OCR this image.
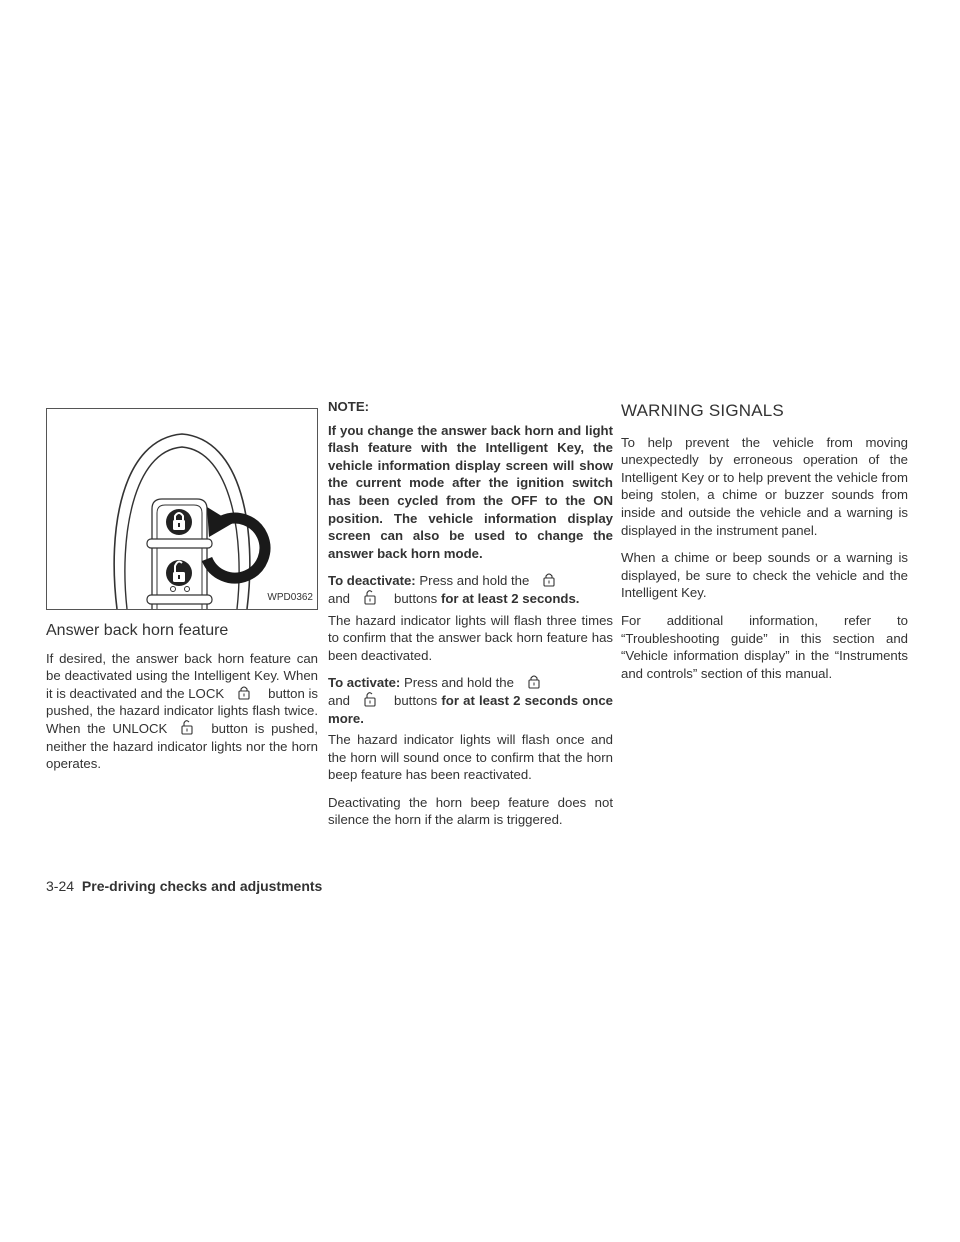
WPD0362
Answer back horn feature

If desired, the answer back horn feature can be deactivated using the Intelligent Key. When it is deactivated and the LOCK	button is pushed, the hazard indicator lights flash twice. When the UNLOCK	button is pushed, neither the hazard indicator lights nor the horn operates.

NOTE:

If you change the answer back horn and light flash feature with the Intelligent Key, the vehicle information display screen will show the current mode after the ignition switch has been cycled from the OFF to the ON position. The vehicle information display screen can also be used to change the answer back horn mode.

To deactivate: Press and hold the
and	buttons for at least 2 seconds.

The hazard indicator lights will flash three times to confirm that the answer back horn feature has been deactivated.

To activate: Press and hold the
and	buttons for at least 2 seconds once more.

The hazard indicator lights will flash once and the horn will sound once to confirm that the horn beep feature has been reactivated.

Deactivating the horn beep feature does not silence the horn if the alarm is triggered.

WARNING SIGNALS

To help prevent the vehicle from moving unexpectedly by erroneous operation of the Intelligent Key or to help prevent the vehicle from being stolen, a chime or buzzer sounds from inside and outside the vehicle and a warning is displayed in the instrument panel.

When a chime or beep sounds or a warning is displayed, be sure to check the vehicle and the Intelligent Key.

For additional information, refer to “Troubleshooting guide” in this section and “Vehicle information display” in the “Instruments and controls” section of this manual.

3-24 Pre-driving checks and adjustments
